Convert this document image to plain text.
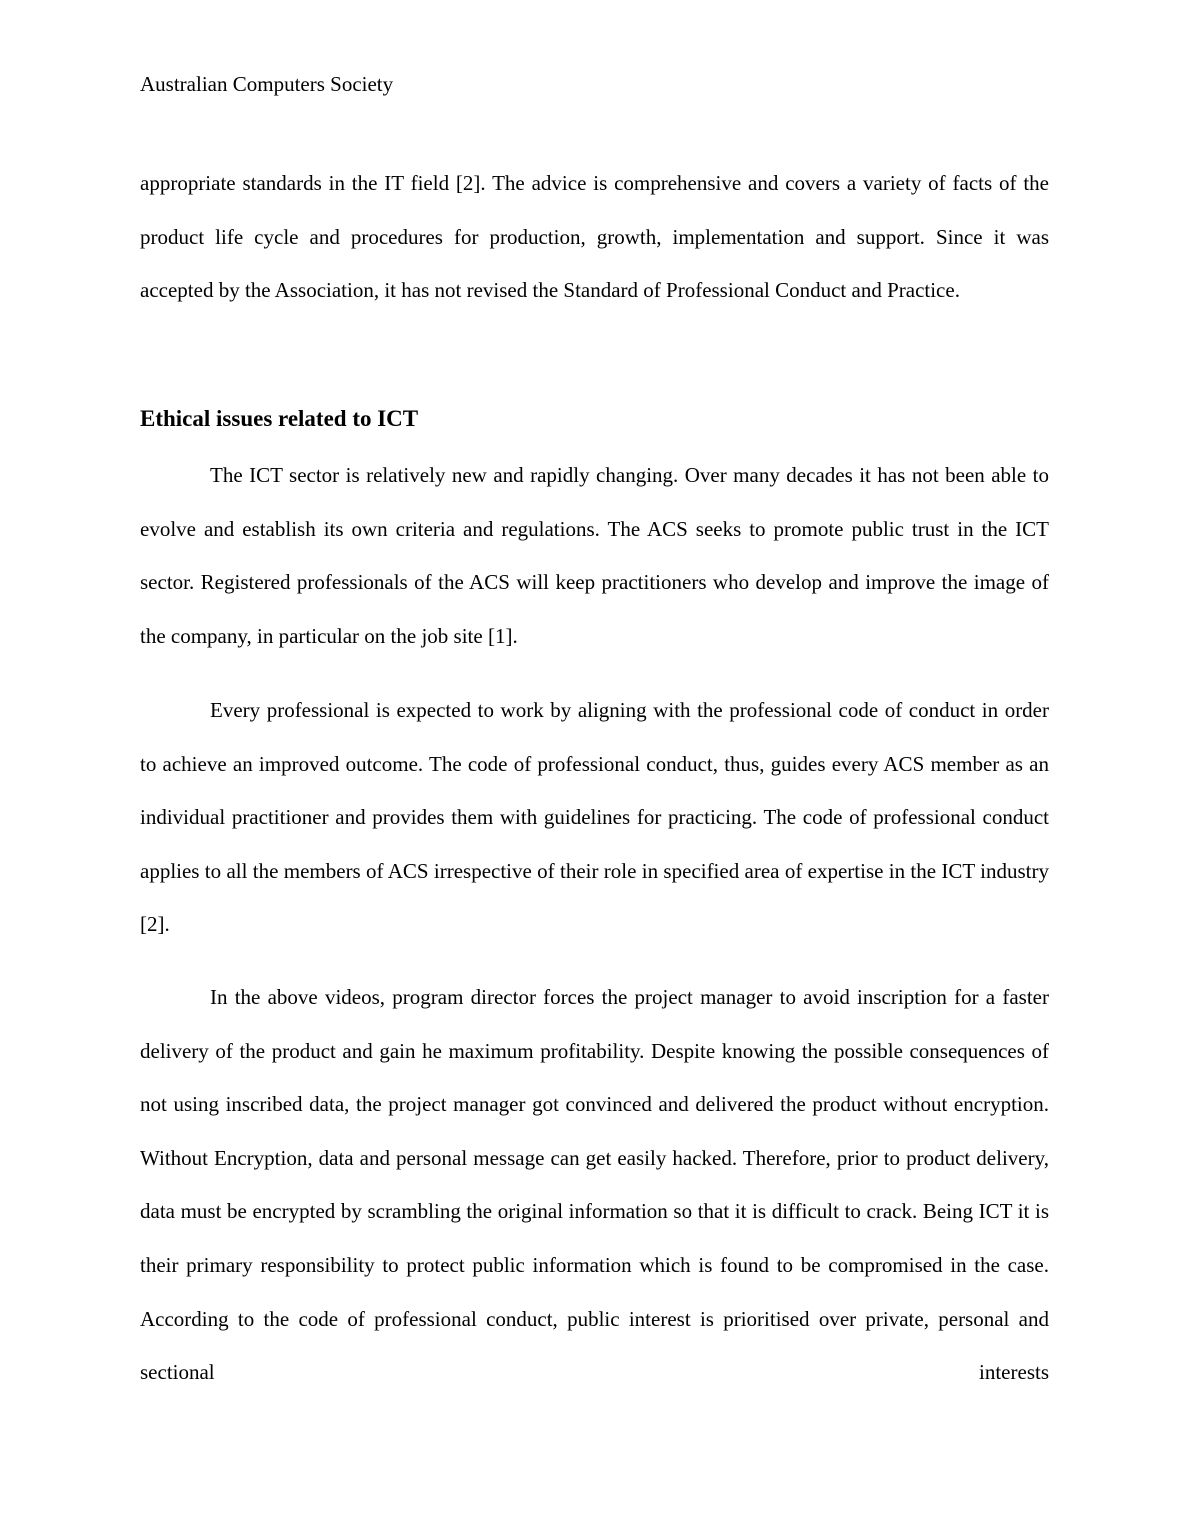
Australian Computers Society

appropriate standards in the IT field [2]. The advice is comprehensive and covers a variety of facts of the product life cycle and procedures for production, growth, implementation and support. Since it was accepted by the Association, it has not revised the Standard of Professional Conduct and Practice.

Ethical issues related to ICT

The ICT sector is relatively new and rapidly changing. Over many decades it has not been able to evolve and establish its own criteria and regulations. The ACS seeks to promote public trust in the ICT sector. Registered professionals of the ACS will keep practitioners who develop and improve the image of the company, in particular on the job site [1].

Every professional is expected to work by aligning with the professional code of conduct in order to achieve an improved outcome. The code of professional conduct, thus, guides every ACS member as an individual practitioner and provides them with guidelines for practicing. The code of professional conduct applies to all the members of ACS irrespective of their role in specified area of expertise in the ICT industry [2].

In the above videos, program director forces the project manager to avoid inscription for a faster delivery of the product and gain he maximum profitability. Despite knowing the possible consequences of not using inscribed data, the project manager got convinced and delivered the product without encryption. Without Encryption, data and personal message can get easily hacked. Therefore, prior to product delivery, data must be encrypted by scrambling the original information so that it is difficult to crack. Being ICT it is their primary responsibility to protect public information which is found to be compromised in the case. According to the code of professional conduct, public interest is prioritised over private, personal and sectional interests
